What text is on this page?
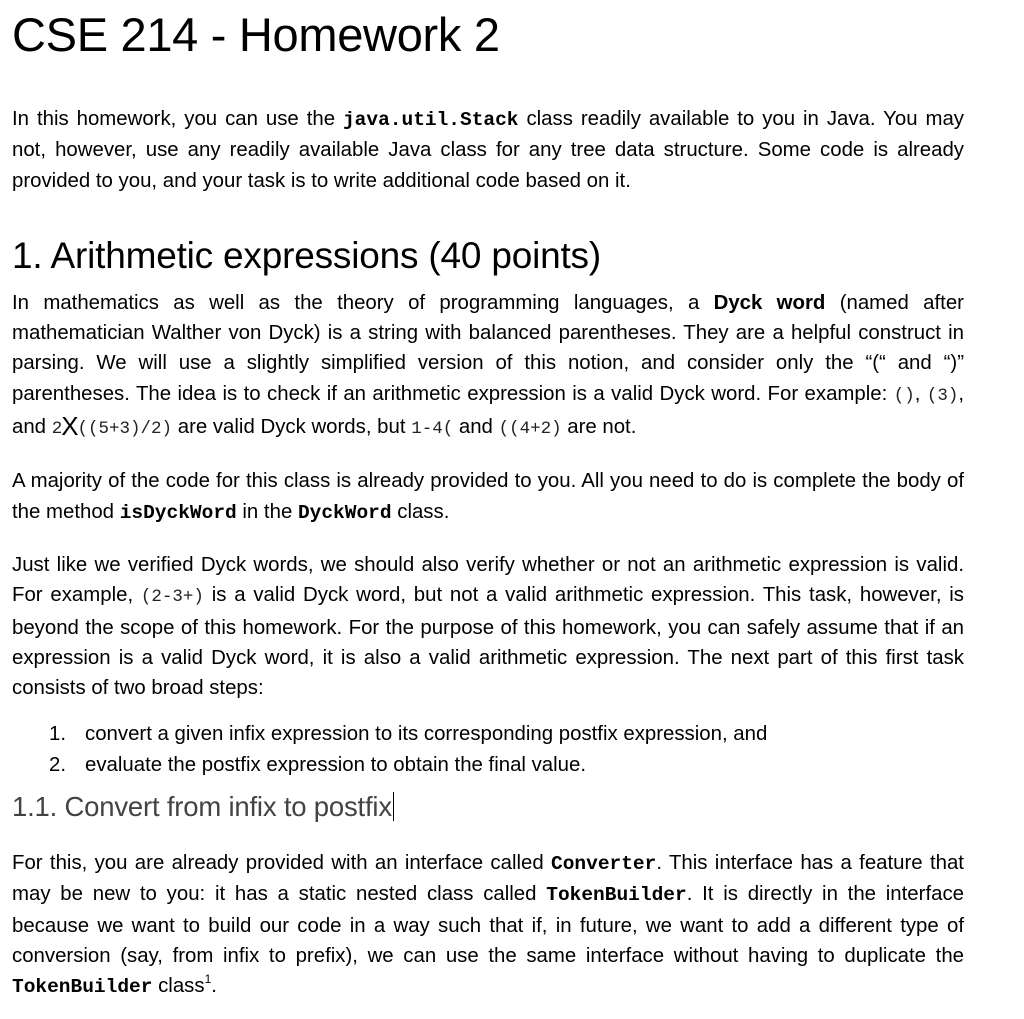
CSE 214 - Homework 2

In this homework, you can use the java.util.Stack class readily available to you in Java. You may not, however, use any readily available Java class for any tree data structure. Some code is already provided to you, and your task is to write additional code based on it.

1. Arithmetic expressions (40 points)

In mathematics as well as the theory of programming languages, a Dyck word (named after mathematician Walther von Dyck) is a string with balanced parentheses. They are a helpful construct in parsing. We will use a slightly simplified version of this notion, and consider only the “(“ and “)” parentheses. The idea is to check if an arithmetic expression is a valid Dyck word. For example: (), (3), and 2X((5+3)/2) are valid Dyck words, but 1-4( and ((4+2) are not.

A majority of the code for this class is already provided to you. All you need to do is complete the body of the method isDyckWord in the DyckWord class.

Just like we verified Dyck words, we should also verify whether or not an arithmetic expression is valid. For example, (2-3+) is a valid Dyck word, but not a valid arithmetic expression. This task, however, is beyond the scope of this homework. For the purpose of this homework, you can safely assume that if an expression is a valid Dyck word, it is also a valid arithmetic expression. The next part of this first task consists of two broad steps:

1. convert a given infix expression to its corresponding postfix expression, and
2. evaluate the postfix expression to obtain the final value.
1.1. Convert from infix to postfix

For this, you are already provided with an interface called Converter. This interface has a feature that may be new to you: it has a static nested class called TokenBuilder. It is directly in the interface because we want to build our code in a way such that if, in future, we want to add a different type of conversion (say, from infix to prefix), we can use the same interface without having to duplicate the TokenBuilder class$^1$.
